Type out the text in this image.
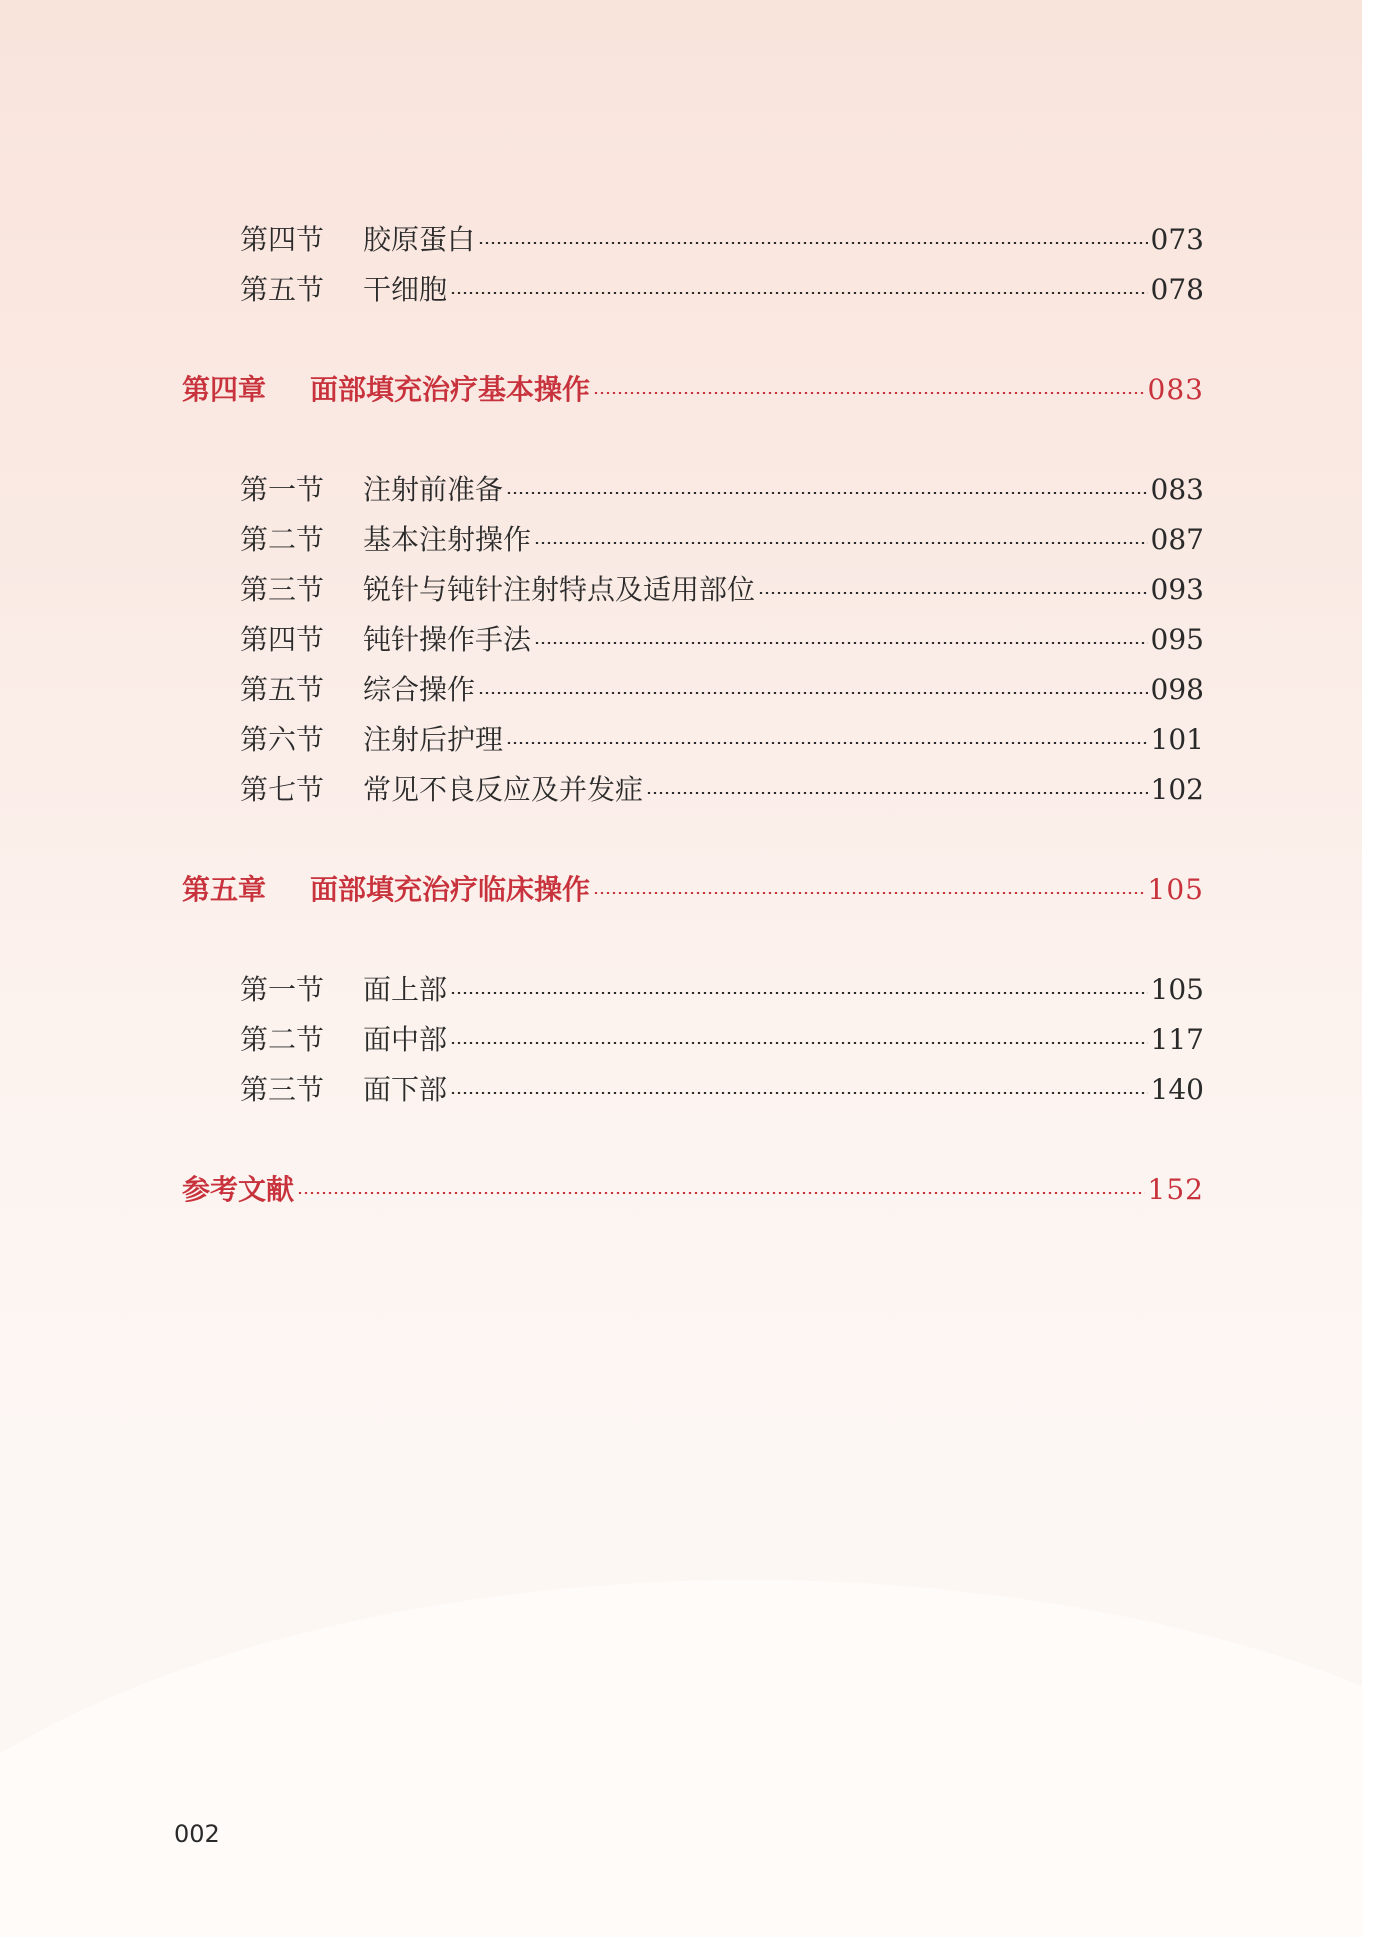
第四节	胶原蛋白	073
第五节	干细胞	078
第四章	面部填充治疗基本操作	083
第一节	注射前准备	083
第二节	基本注射操作	087
第三节	锐针与钝针注射特点及适用部位	093
第四节	钝针操作手法	095
第五节	综合操作	098
第六节	注射后护理	101
第七节	常见不良反应及并发症	102
第五章	面部填充治疗临床操作	105
第一节	面上部	105
第二节	面中部	117
第三节	面下部	140
参考文献	152
002
